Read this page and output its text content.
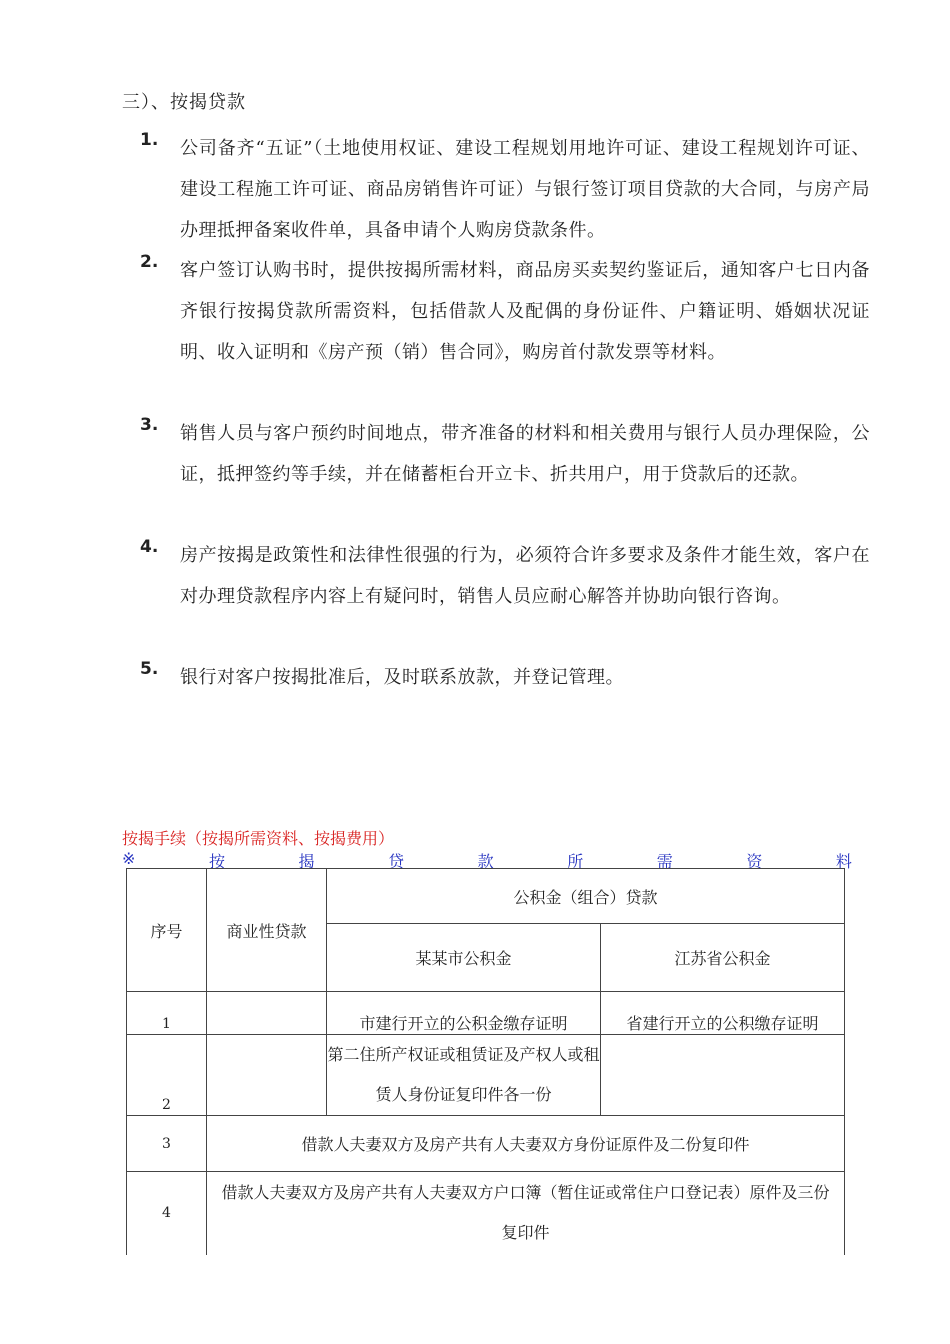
三）、按揭贷款
1. 公司备齐“五证”（土地使用权证、建设工程规划用地许可证、建设工程规划许可证、建设工程施工许可证、商品房销售许可证）与银行签订项目贷款的大合同，与房产局办理抵押备案收件单，具备申请个人购房贷款条件。
2. 客户签订认购书时，提供按揭所需材料，商品房买卖契约鉴证后，通知客户七日内备齐银行按揭贷款所需资料，包括借款人及配偶的身份证件、户籍证明、婚姻状况证明、收入证明和《房产预（销）售合同》，购房首付款发票等材料。
3. 销售人员与客户预约时间地点，带齐准备的材料和相关费用与银行人员办理保险，公证，抵押签约等手续，并在储蓄柜台开立卡、折共用户，用于贷款后的还款。
4. 房产按揭是政策性和法律性很强的行为，必须符合许多要求及条件才能生效，客户在对办理贷款程序内容上有疑问时，销售人员应耐心解答并协助向银行咨询。
5. 银行对客户按揭批准后，及时联系放款，并登记管理。
按揭手续（按揭所需资料、按揭费用）
※	按	揭	贷	款	所	需	资	料
序号	商业性贷款	公积金（组合）贷款	
		某某市公积金	江苏省公积金
1		市建行开立的公积金缴存证明	省建行开立的公积缴存证明
2		第二住所产权证或租赁证及产权人或租赁人身份证复印件各一份	
3	借款人夫妻双方及房产共有人夫妻双方身份证原件及二份复印件		
4	借款人夫妻双方及房产共有人夫妻双方户口簿（暂住证或常住户口登记表）原件及三份复印件		
